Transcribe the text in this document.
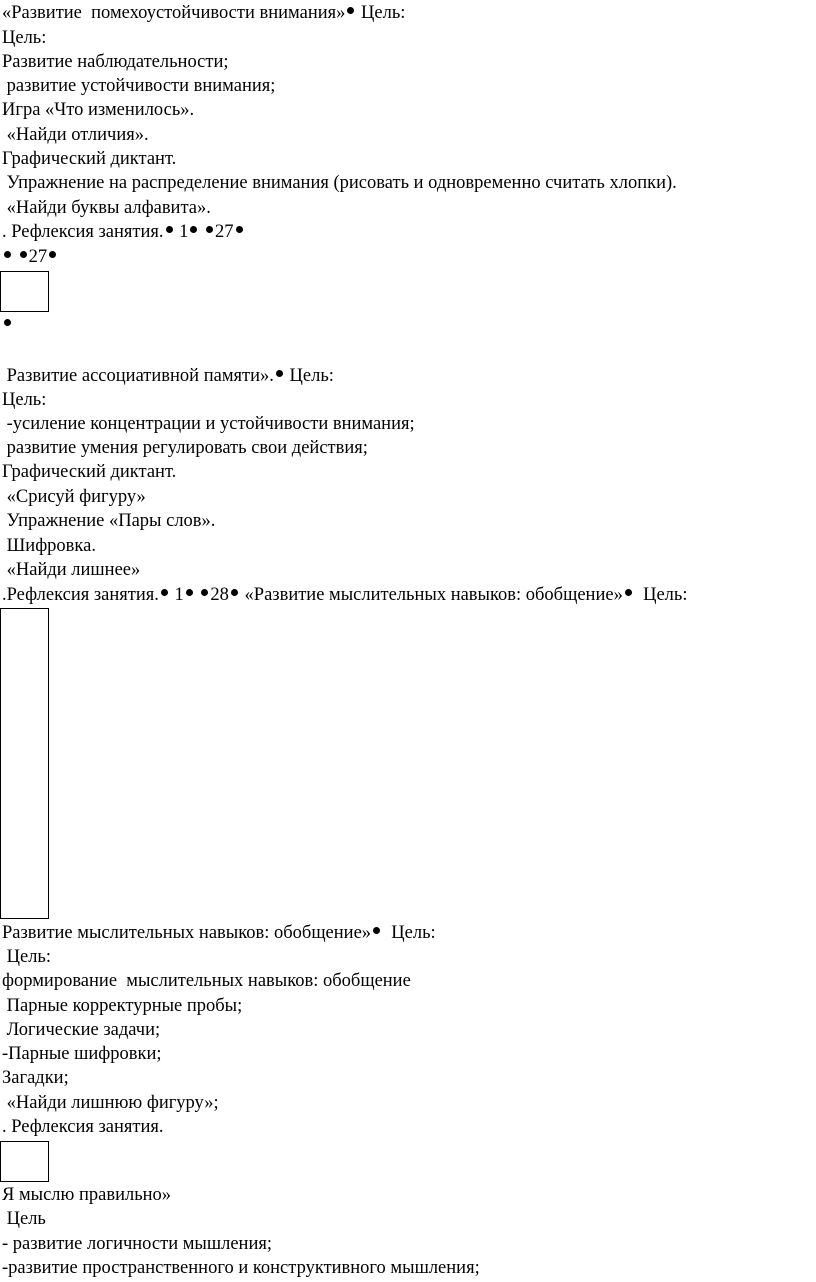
«Развитие  помехоустойчивости внимания» Цель:
Цель:
Развитие наблюдательности;
развитие устойчивости внимания;
Игра «Что изменилось».
«Найди отличия».
Графический диктант.
Упражнение на распределение внимания (рисовать и одновременно считать хлопки).
«Найди буквы алфавита».
. Рефлексия занятия. 1 27
27
Развитие ассоциативной памяти». Цель:
Цель:
-усиление концентрации и устойчивости внимания;
развитие умения регулировать свои действия;
Графический диктант.
«Срисуй фигуру»
Упражнение «Пары слов».
Шифровка.
«Найди лишнее»
.Рефлексия занятия. 1 28 «Развитие мыслительных навыков: обобщение»  Цель:
Развитие мыслительных навыков: обобщение»  Цель:
Цель:
формирование  мыслительных навыков: обобщение
Парные корректурные пробы;
Логические задачи;
-Парные шифровки;
Загадки;
«Найди лишнюю фигуру»;
. Рефлексия занятия.
Я мыслю правильно»
Цель
- развитие логичности мышления;
-развитие пространственного и конструктивного мышления;
